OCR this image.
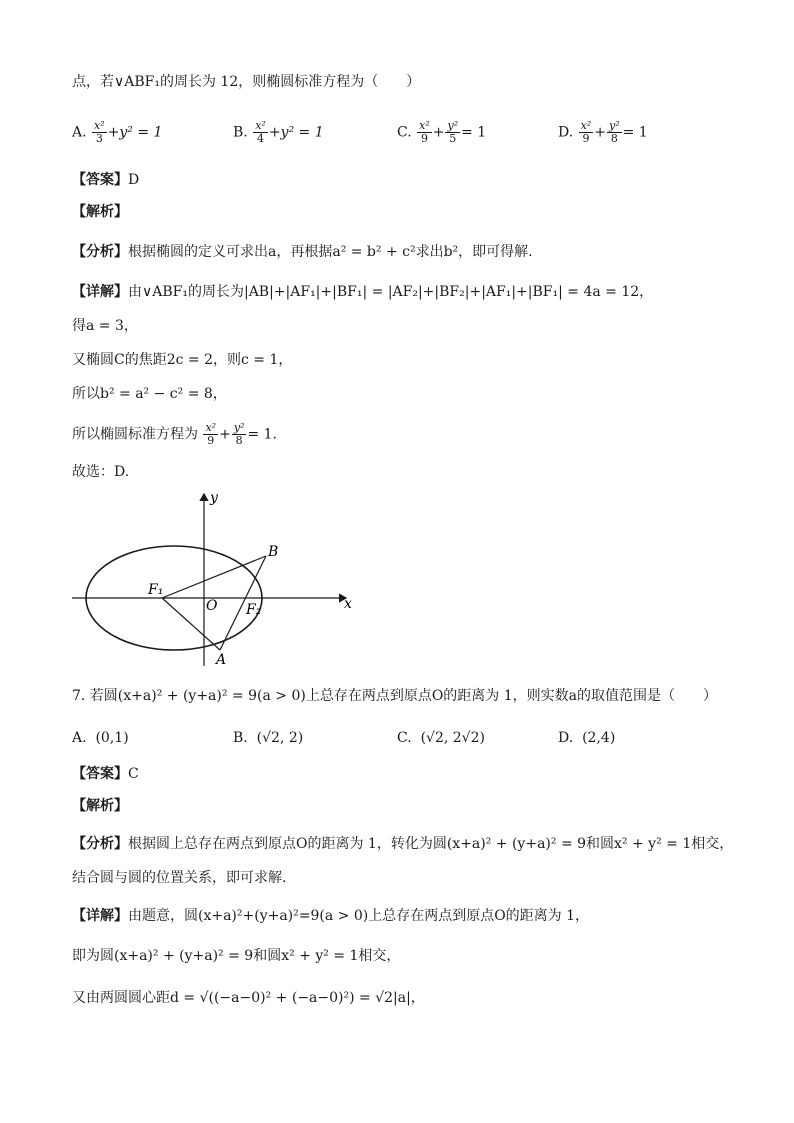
点，若∨ABF₁的周长为 12，则椭圆标准方程为（　　）
A. $\frac{\text{x²}}{3} +y^2 = 1$	B. $\frac{\text{x²}}{4} +y^2 = 1$	C. $\frac{\text{x²}}{9} + \frac{\text{y²}}{5} = 1$	D. $\frac{\text{x²}}{9} + \frac{\text{y²}}{8} = 1$
【答案】D
【解析】
【分析】根据椭圆的定义可求出a，再根据a² = b² + c²求出b²，即可得解.
【详解】由∨ABF₁的周长为|AB|+|AF₁|+|BF₁| = |AF₂|+|BF₂|+|AF₁|+|BF₁| = 4a = 12，
得a = 3，
又椭圆C的焦距2c = 2，则c = 1，
所以b² = a² − c² = 8，
所以椭圆标准方程为 $\frac{\text{x²}}{9} + \frac{\text{y²}}{8} = 1$.
故选：D.
y
x
O
B
A
F₁
F₂
7. 若圆(x+a)² + (y+a)² = 9(a > 0)上总存在两点到原点O的距离为 1，则实数a的取值范围是（　　）
A. (0,1)	B. (√2, 2)	C. (√2, 2√2)	D. (2,4)
【答案】C
【解析】
【分析】根据圆上总存在两点到原点O的距离为 1，转化为圆(x+a)² + (y+a)² = 9和圆x² + y² = 1相交，
结合圆与圆的位置关系，即可求解.
【详解】由题意，圆(x+a)²+(y+a)²=9(a > 0)上总存在两点到原点O的距离为 1，
即为圆(x+a)² + (y+a)² = 9和圆x² + y² = 1相交，
又由两圆圆心距d = √((−a−0)² + (−a−0)²) = √2|a|，
